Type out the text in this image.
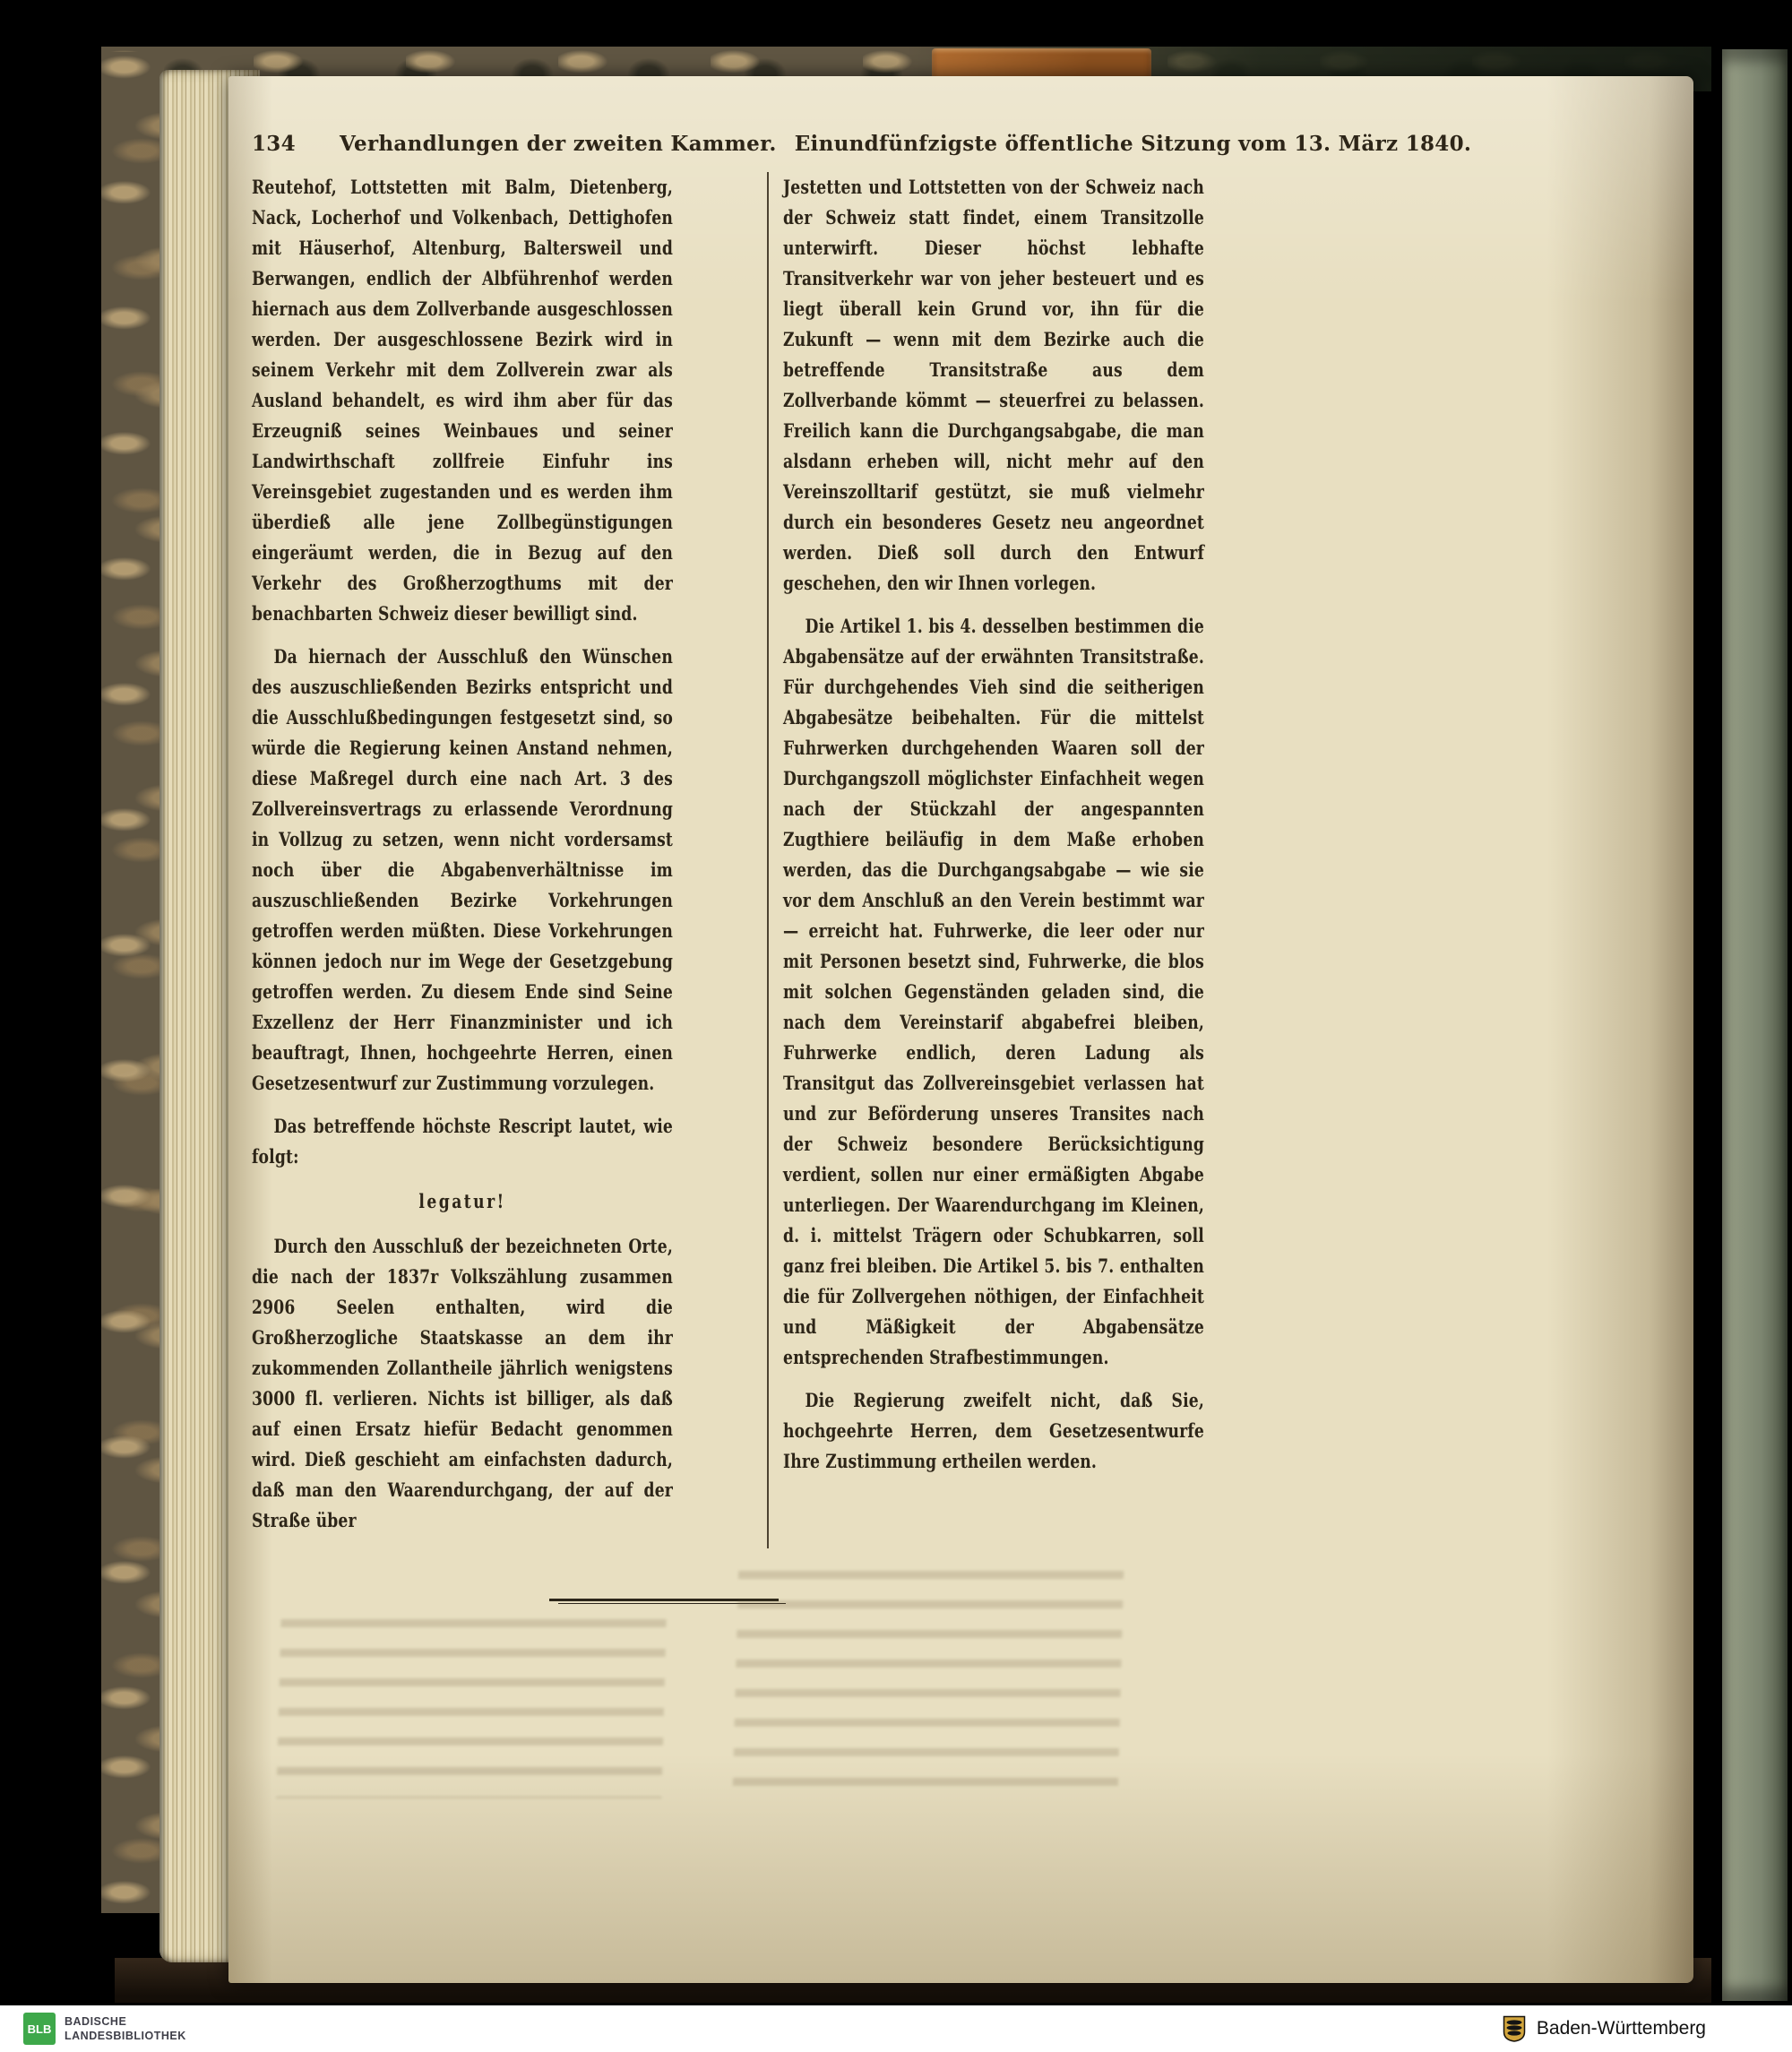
134 Verhandlungen der zweiten Kammer. Einundfünfzigste öffentliche Sitzung vom 13. März 1840.

Reutehof, Lottstetten mit Balm, Dietenberg, Nack, Locherhof und Volkenbach, Dettighofen mit Häuserhof, Altenburg, Baltersweil und Berwangen, endlich der Albführenhof werden hiernach aus dem Zollverbande ausgeschlossen werden. Der ausgeschlossene Bezirk wird in seinem Verkehr mit dem Zollverein zwar als Ausland behandelt, es wird ihm aber für das Erzeugniß seines Weinbaues und seiner Landwirthschaft zollfreie Einfuhr ins Vereinsgebiet zugestanden und es werden ihm überdieß alle jene Zollbegünstigungen eingeräumt werden, die in Bezug auf den Verkehr des Großherzogthums mit der benachbarten Schweiz dieser bewilligt sind.

Da hiernach der Ausschluß den Wünschen des auszuschließenden Bezirks entspricht und die Ausschlußbedingungen festgesetzt sind, so würde die Regierung keinen Anstand nehmen, diese Maßregel durch eine nach Art. 3 des Zollvereinsvertrags zu erlassende Verordnung in Vollzug zu setzen, wenn nicht vordersamst noch über die Abgabenverhältnisse im auszuschließenden Bezirke Vorkehrungen getroffen werden müßten. Diese Vorkehrungen können jedoch nur im Wege der Gesetzgebung getroffen werden. Zu diesem Ende sind Seine Exzellenz der Herr Finanzminister und ich beauftragt, Ihnen, hochgeehrte Herren, einen Gesetzesentwurf zur Zustimmung vorzulegen.

Das betreffende höchste Rescript lautet, wie folgt:

legatur!

Durch den Ausschluß der bezeichneten Orte, die nach der 1837r Volkszählung zusammen 2906 Seelen enthalten, wird die Großherzogliche Staatskasse an dem ihr zukommenden Zollantheile jährlich wenigstens 3000 fl. verlieren. Nichts ist billiger, als daß auf einen Ersatz hiefür Bedacht genommen wird. Dieß geschieht am einfachsten dadurch, daß man den Waarendurchgang, der auf der Straße über

Jestetten und Lottstetten von der Schweiz nach der Schweiz statt findet, einem Transitzolle unterwirft. Dieser höchst lebhafte Transitverkehr war von jeher besteuert und es liegt überall kein Grund vor, ihn für die Zukunft — wenn mit dem Bezirke auch die betreffende Transitstraße aus dem Zollverbande kömmt — steuerfrei zu belassen. Freilich kann die Durchgangsabgabe, die man alsdann erheben will, nicht mehr auf den Vereinszolltarif gestützt, sie muß vielmehr durch ein besonderes Gesetz neu angeordnet werden. Dieß soll durch den Entwurf geschehen, den wir Ihnen vorlegen.

Die Artikel 1. bis 4. desselben bestimmen die Abgabensätze auf der erwähnten Transitstraße. Für durchgehendes Vieh sind die seitherigen Abgabesätze beibehalten. Für die mittelst Fuhrwerken durchgehenden Waaren soll der Durchgangszoll möglichster Einfachheit wegen nach der Stückzahl der angespannten Zugthiere beiläufig in dem Maße erhoben werden, das die Durchgangsabgabe — wie sie vor dem Anschluß an den Verein bestimmt war — erreicht hat. Fuhrwerke, die leer oder nur mit Personen besetzt sind, Fuhrwerke, die blos mit solchen Gegenständen geladen sind, die nach dem Vereinstarif abgabefrei bleiben, Fuhrwerke endlich, deren Ladung als Transitgut das Zollvereinsgebiet verlassen hat und zur Beförderung unseres Transites nach der Schweiz besondere Berücksichtigung verdient, sollen nur einer ermäßigten Abgabe unterliegen. Der Waarendurchgang im Kleinen, d. i. mittelst Trägern oder Schubkarren, soll ganz frei bleiben. Die Artikel 5. bis 7. enthalten die für Zollvergehen nöthigen, der Einfachheit und Mäßigkeit der Abgabensätze entsprechenden Strafbestimmungen.

Die Regierung zweifelt nicht, daß Sie, hochgeehrte Herren, dem Gesetzesentwurfe Ihre Zustimmung ertheilen werden.

BLB
BADISCHE
LANDESBIBLIOTHEK	Baden-Württemberg
